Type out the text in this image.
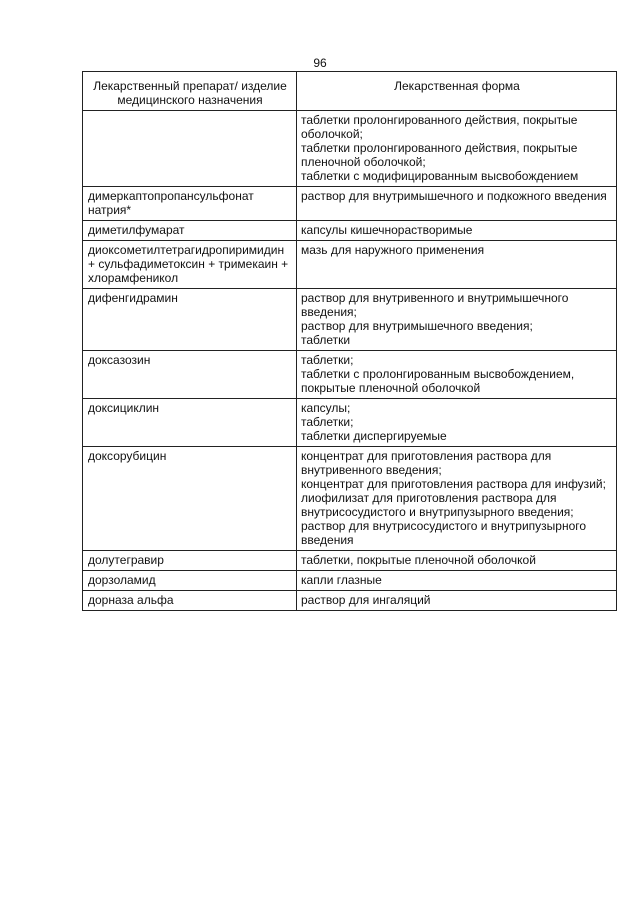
96
Лекарственный препарат/ изделие медицинского назначения	Лекарственная форма

	таблетки пролонгированного действия, покрытые оболочкой;
таблетки пролонгированного действия, покрытые пленочной оболочкой;
таблетки с модифицированным высвобождением

димеркаптопропансульфонат натрия*	раствор для внутримышечного и подкожного введения

диметилфумарат	капсулы кишечнорастворимые

диоксометилтетрагидропиримидин + сульфадиметоксин + тримекаин + хлорамфеникол	мазь для наружного применения

дифенгидрамин	раствор для внутривенного и внутримышечного введения;
раствор для внутримышечного введения;
таблетки

доксазозин	таблетки;
таблетки с пролонгированным высвобождением, покрытые пленочной оболочкой

доксициклин	капсулы;
таблетки;
таблетки диспергируемые

доксорубицин	концентрат для приготовления раствора для внутривенного введения;
концентрат для приготовления раствора для инфузий;
лиофилизат для приготовления раствора для внутрисосудистого и внутрипузырного введения;
раствор для внутрисосудистого и внутрипузырного введения

долутегравир	таблетки, покрытые пленочной оболочкой

дорзоламид	капли глазные

дорназа альфа	раствор для ингаляций
